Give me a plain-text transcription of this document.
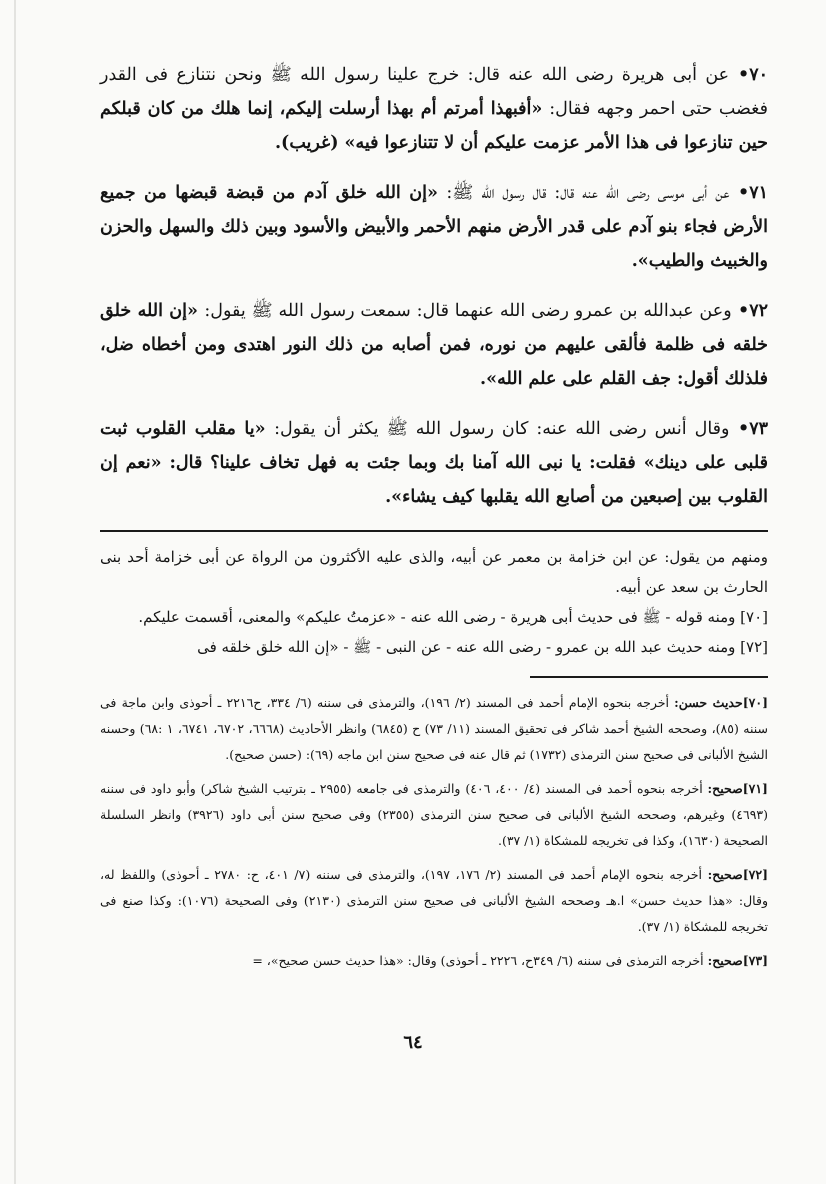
٧٠• عن أبى هريرة رضى الله عنه قال: خرج علينا رسول الله ﷺ ونحن نتنازع فى القدر فغضب حتى احمر وجهه فقال: «أفبهذا أمرتم أم بهذا أرسلت إليكم، إنما هلك من كان قبلكم حين تنازعوا فى هذا الأمر عزمت عليكم أن لا تتنازعوا فيه» (غريب).

٧١• عن أبى موسى رضى الله عنه قال: قال رسول الله ﷺ: «إن الله خلق آدم من قبضة قبضها من جميع الأرض فجاء بنو آدم على قدر الأرض منهم الأحمر والأبيض والأسود وبين ذلك والسهل والحزن والخبيث والطيب».

٧٢• وعن عبدالله بن عمرو رضى الله عنهما قال: سمعت رسول الله ﷺ يقول: «إن الله خلق خلقه فى ظلمة فألقى عليهم من نوره، فمن أصابه من ذلك النور اهتدى ومن أخطاه ضل، فلذلك أقول: جف القلم على علم الله».

٧٣• وقال أنس رضى الله عنه: كان رسول الله ﷺ يكثر أن يقول: «يا مقلب القلوب ثبت قلبى على دينك» فقلت: يا نبى الله آمنا بك وبما جئت به فهل تخاف علينا؟ قال: «نعم إن القلوب بين إصبعين من أصابع الله يقلبها كيف يشاء».

ومنهم من يقول: عن ابن خزامة بن معمر عن أبيه، والذى عليه الأكثرون من الرواة عن أبى خزامة أحد بنى الحارث بن سعد عن أبيه.

[٧٠] ومنه قوله - ﷺ فى حديث أبى هريرة - رضى الله عنه - «عزمتُ عليكم» والمعنى، أقسمت عليكم.

[٧٢] ومنه حديث عبد الله بن عمرو - رضى الله عنه - عن النبى - ﷺ - «إن الله خلق خلقه فى

[٧٠]حديث حسن: أخرجه بنحوه الإمام أحمد فى المسند (٢/ ١٩٦)، والترمذى فى سننه (٦/ ٣٣٤، ح٢٢١٦ ـ أحوذى وابن ماجة فى سننه (٨٥)، وصححه الشيخ أحمد شاكر فى تحقيق المسند (١١/ ٧٣) ح (٦٨٤٥) وانظر الأحاديث (٦٦٦٨، ٦٧٠٢، ٦٧٤١، ١ :٦٨) وحسنه الشيخ الألبانى فى صحيح سنن الترمذى (١٧٣٢) ثم قال عنه فى صحيح سنن ابن ماجه (٦٩): (حسن صحيح).

[٧١]صحيح: أخرجه بنحوه أحمد فى المسند (٤/ ٤٠٠، ٤٠٦) والترمذى فى جامعه (٢٩٥٥ ـ بترتيب الشيخ شاكر) وأبو داود فى سننه (٤٦٩٣) وغيرهم، وصححه الشيخ الألبانى فى صحيح سنن الترمذى (٢٣٥٥) وفى صحيح سنن أبى داود (٣٩٢٦) وانظر السلسلة الصحيحة (١٦٣٠)، وكذا فى تخريجه للمشكاة (١/ ٣٧).

[٧٢]صحيح: أخرجه بنحوه الإمام أحمد فى المسند (٢/ ١٧٦، ١٩٧)، والترمذى فى سننه (٧/ ٤٠١، ح: ٢٧٨٠ ـ أحوذى) واللفظ له، وقال: «هذا حديث حسن» ا.هـ وصححه الشيخ الألبانى فى صحيح سنن الترمذى (٢١٣٠) وفى الصحيحة (١٠٧٦): وكذا صنع فى تخريجه للمشكاة (١/ ٣٧).

[٧٣]صحيح: أخرجه الترمذى فى سننه (٦/ ٣٤٩ح، ٢٢٢٦ ـ أحوذى) وقال: «هذا حديث حسن صحيح»، =

٦٤
